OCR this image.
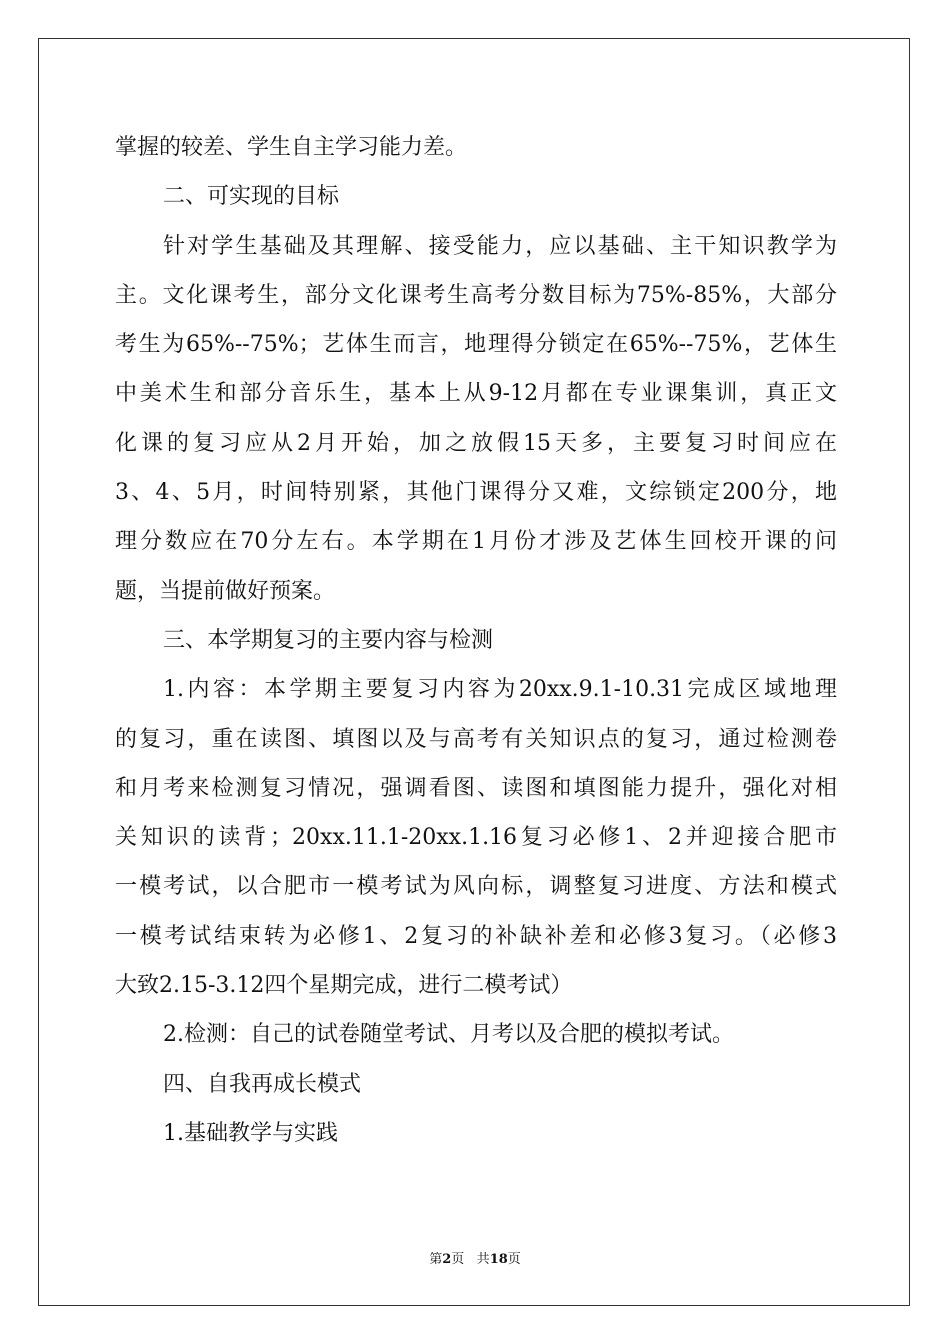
掌握的较差、学生自主学习能力差。
二、可实现的目标
针对学生基础及其理解、接受能力，应以基础、主干知识教学为
主。文化课考生，部分文化课考生高考分数目标为75%-85%，大部分
考生为65%--75%；艺体生而言，地理得分锁定在65%--75%，艺体生
中美术生和部分音乐生，基本上从9-12月都在专业课集训，真正文
化课的复习应从2月开始，加之放假15天多，主要复习时间应在
3、4、5月，时间特别紧，其他门课得分又难，文综锁定200分，地
理分数应在70分左右。本学期在1月份才涉及艺体生回校开课的问
题，当提前做好预案。
三、本学期复习的主要内容与检测
1.内容：本学期主要复习内容为20xx.9.1-10.31完成区域地理
的复习，重在读图、填图以及与高考有关知识点的复习，通过检测卷
和月考来检测复习情况，强调看图、读图和填图能力提升，强化对相
关知识的读背；20xx.11.1-20xx.1.16复习必修1、2并迎接合肥市
一模考试，以合肥市一模考试为风向标，调整复习进度、方法和模式
一模考试结束转为必修1、2复习的补缺补差和必修3复习。（必修3
大致2.15-3.12四个星期完成，进行二模考试）
2.检测：自己的试卷随堂考试、月考以及合肥的模拟考试。
四、自我再成长模式
1.基础教学与实践
第2页 共18页
